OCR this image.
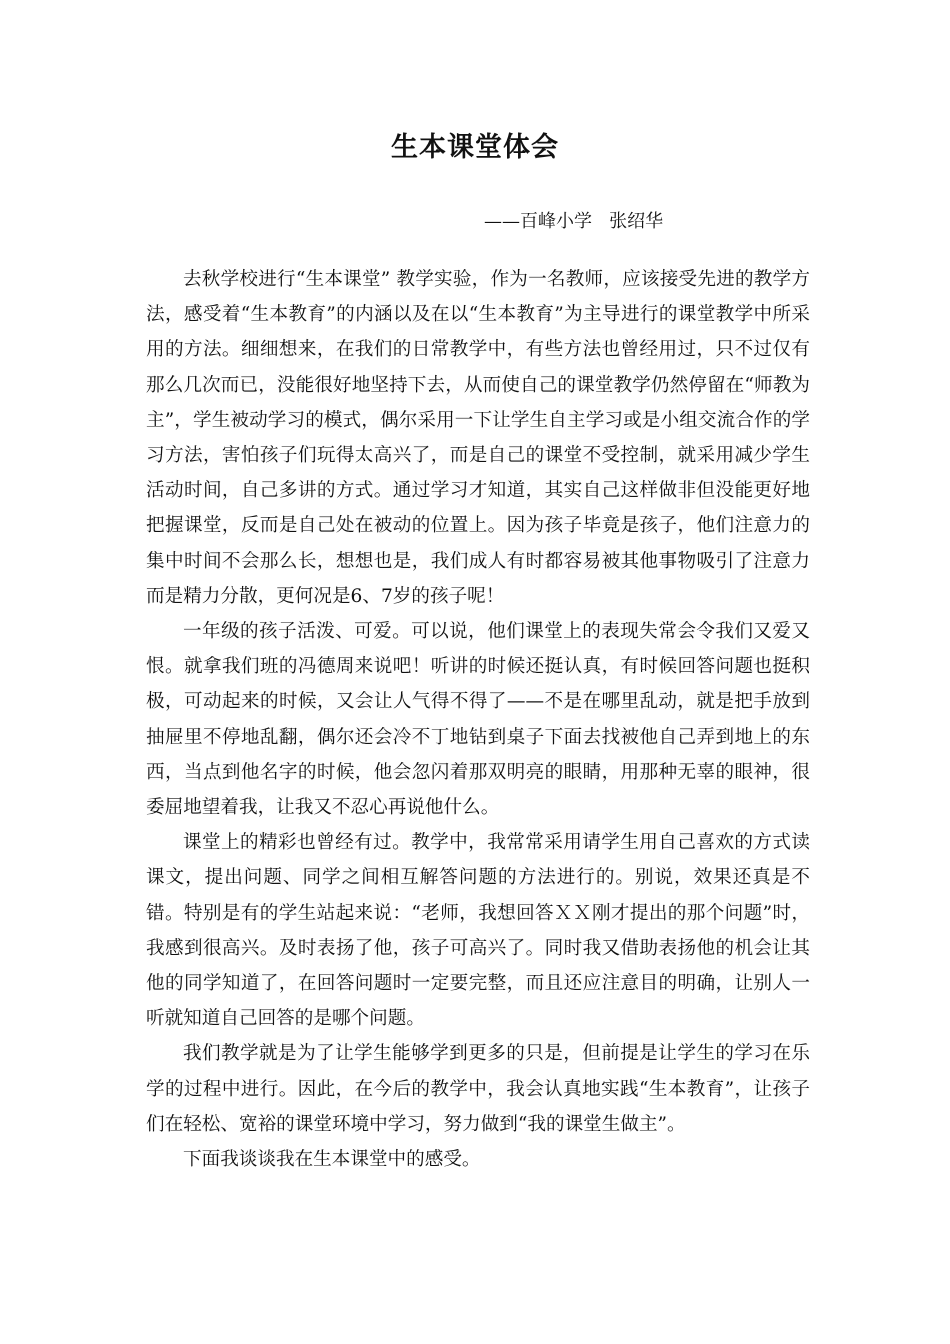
生本课堂体会
——百峰小学   张绍华

去秋学校进行“生本课堂” 教学实验，作为一名教师，应该接受先进的教学方法，感受着“生本教育”的内涵以及在以“生本教育”为主导进行的课堂教学中所采用的方法。细细想来，在我们的日常教学中，有些方法也曾经用过，只不过仅有那么几次而已，没能很好地坚持下去，从而使自己的课堂教学仍然停留在“师教为主”，学生被动学习的模式，偶尔采用一下让学生自主学习或是小组交流合作的学习方法，害怕孩子们玩得太高兴了，而是自己的课堂不受控制，就采用减少学生活动时间，自己多讲的方式。通过学习才知道，其实自己这样做非但没能更好地把握课堂，反而是自己处在被动的位置上。因为孩子毕竟是孩子，他们注意力的集中时间不会那么长，想想也是，我们成人有时都容易被其他事物吸引了注意力而是精力分散，更何况是6、7岁的孩子呢！

一年级的孩子活泼、可爱。可以说，他们课堂上的表现失常会令我们又爱又恨。就拿我们班的冯德周来说吧！听讲的时候还挺认真，有时候回答问题也挺积极，可动起来的时候，又会让人气得不得了——不是在哪里乱动，就是把手放到抽屉里不停地乱翻，偶尔还会冷不丁地钻到桌子下面去找被他自己弄到地上的东西，当点到他名字的时候，他会忽闪着那双明亮的眼睛，用那种无辜的眼神，很委屈地望着我，让我又不忍心再说他什么。

课堂上的精彩也曾经有过。教学中，我常常采用请学生用自己喜欢的方式读课文，提出问题、同学之间相互解答问题的方法进行的。别说，效果还真是不错。特别是有的学生站起来说：“老师，我想回答ＸＸ刚才提出的那个问题”时，我感到很高兴。及时表扬了他，孩子可高兴了。同时我又借助表扬他的机会让其他的同学知道了，在回答问题时一定要完整，而且还应注意目的明确，让别人一听就知道自己回答的是哪个问题。

我们教学就是为了让学生能够学到更多的只是，但前提是让学生的学习在乐学的过程中进行。因此，在今后的教学中，我会认真地实践“生本教育”，让孩子们在轻松、宽裕的课堂环境中学习，努力做到“我的课堂生做主”。

下面我谈谈我在生本课堂中的感受。
